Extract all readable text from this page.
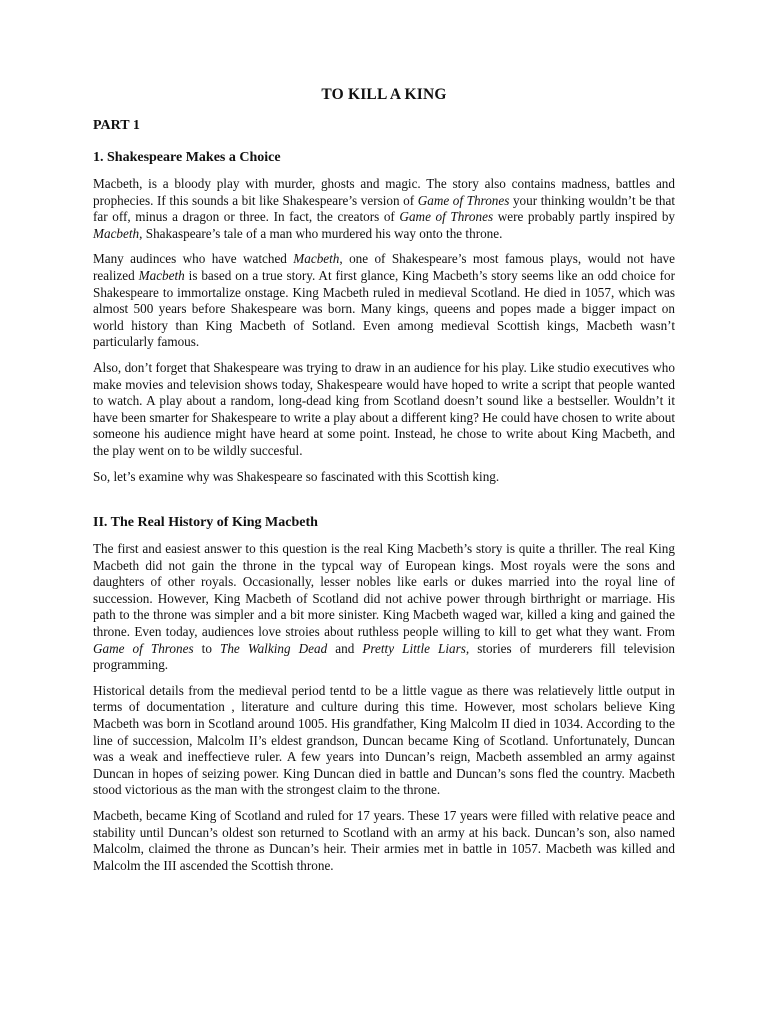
TO KILL A KING
PART 1
1. Shakespeare Makes a Choice

Macbeth, is a bloody play with murder, ghosts and magic. The story also contains madness, battles and prophecies. If this sounds a bit like Shakespeare’s version of Game of Thrones your thinking wouldn’t be that far off, minus a dragon or three. In fact, the creators of Game of Thrones were probably partly inspired by Macbeth, Shakaspeare’s tale of a man who murdered his way onto the throne.

Many audinces who have watched Macbeth, one of Shakespeare’s most famous plays, would not have realized Macbeth is based on a true story. At first glance, King Macbeth’s story seems like an odd choice for Shakespeare to immortalize onstage. King Macbeth ruled in medieval Scotland. He died in 1057, which was almost 500 years before Shakespeare was born. Many kings, queens and popes made a bigger impact on world history than King Macbeth of Sotland. Even among medieval Scottish kings, Macbeth wasn’t particularly famous.

Also, don’t forget that Shakespeare was trying to draw in an audience for his play. Like studio executives who make movies and television shows today, Shakespeare would have hoped to write a script that people wanted to watch. A play about a random, long-dead king from Scotland doesn’t sound like a bestseller. Wouldn’t it have been smarter for Shakespeare to write a play about a different king? He could have chosen to write about someone his audience might have heard at some point. Instead, he chose to write about King Macbeth, and the play went on to be wildly succesful.

So, let’s examine why was Shakespeare so fascinated with this Scottish king.

II. The Real History of King Macbeth

The first and easiest answer to this question is the real King Macbeth’s story is quite a thriller. The real King Macbeth did not gain the throne in the typcal way of European kings. Most royals were the sons and daughters of other royals. Occasionally, lesser nobles like earls or dukes married into the royal line of succession. However, King Macbeth of Scotland did not achive power through birthright or marriage. His path to the throne was simpler and a bit more sinister. King Macbeth waged war, killed a king and gained the throne. Even today, audiences love stroies about ruthless people willing to kill to get what they want. From Game of Thrones to The Walking Dead and Pretty Little Liars, stories of murderers fill television programming.

Historical details from the medieval period tentd to be a little vague as there was relatievely little output in terms of documentation , literature and culture during this time. However, most scholars believe King Macbeth was born in Scotland around 1005. His grandfather, King Malcolm II died in 1034. According to the line of succession, Malcolm II’s eldest grandson, Duncan became King of Scotland. Unfortunately, Duncan was a weak and ineffectieve ruler. A few years into Duncan’s reign, Macbeth assembled an army against Duncan in hopes of seizing power. King Duncan died in battle and Duncan’s sons fled the country. Macbeth stood victorious as the man with the strongest claim to the throne.

Macbeth, became King of Scotland and ruled for 17 years. These 17 years were filled with relative peace and stability until Duncan’s oldest son returned to Scotland with an army at his back. Duncan’s son, also named Malcolm, claimed the throne as Duncan’s heir. Their armies met in battle in 1057. Macbeth was killed and Malcolm the III ascended the Scottish throne.
